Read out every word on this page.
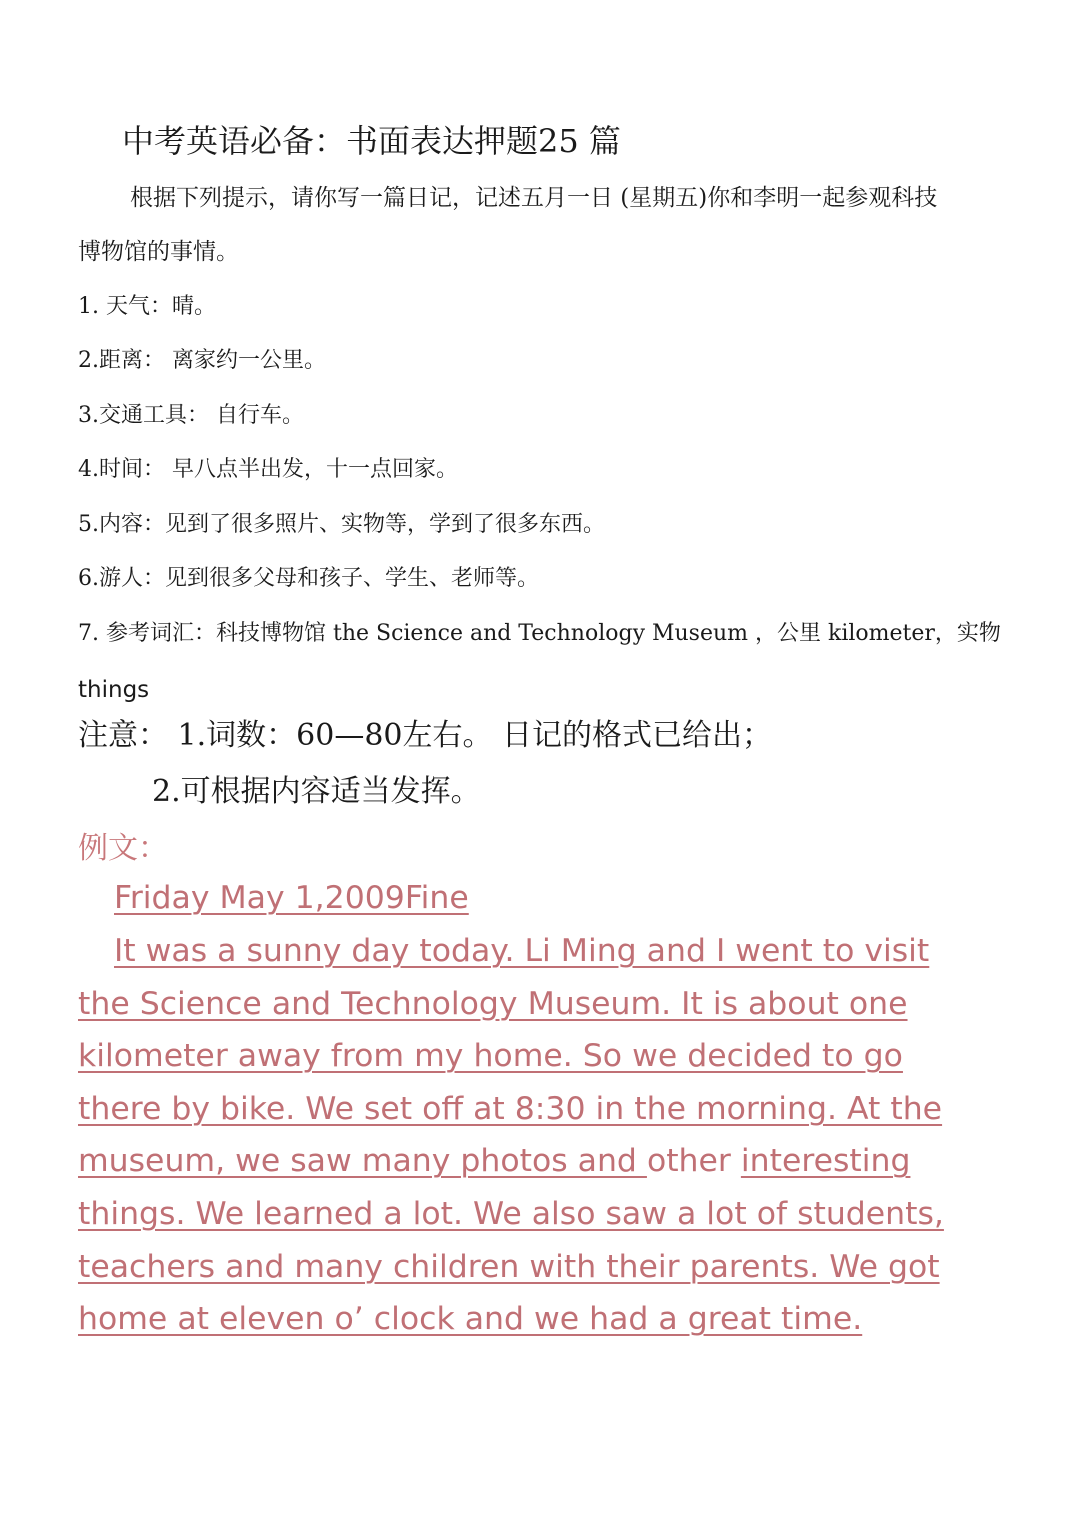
中考英语必备：书面表达押题25 篇
根据下列提示，请你写一篇日记，记述五月一日 (星期五)你和李明一起参观科技
博物馆的事情。
1. 天气：晴。
2.距离： 离家约一公里。
3.交通工具： 自行车。
4.时间： 早八点半出发，十一点回家。
5.内容：见到了很多照片、实物等，学到了很多东西。
6.游人：见到很多父母和孩子、学生、老师等。
7. 参考词汇：科技博物馆 the Science and Technology Museum ，公里 kilometer，实物
things
注意： 1.词数：60—80左右。 日记的格式已给出；
2.可根据内容适当发挥。
例文：
Friday May 1,2009Fine
It was a sunny day today. Li Ming and I went to visit
the Science and Technology Museum. It is about one
kilometer away from my home. So we decided to go
there by bike. We set off at 8:30 in the morning. At the
museum, we saw many photos and other interesting
things. We learned a lot. We also saw a lot of students,
teachers and many children with their parents. We got
home at eleven o’ clock and we had a great time.
